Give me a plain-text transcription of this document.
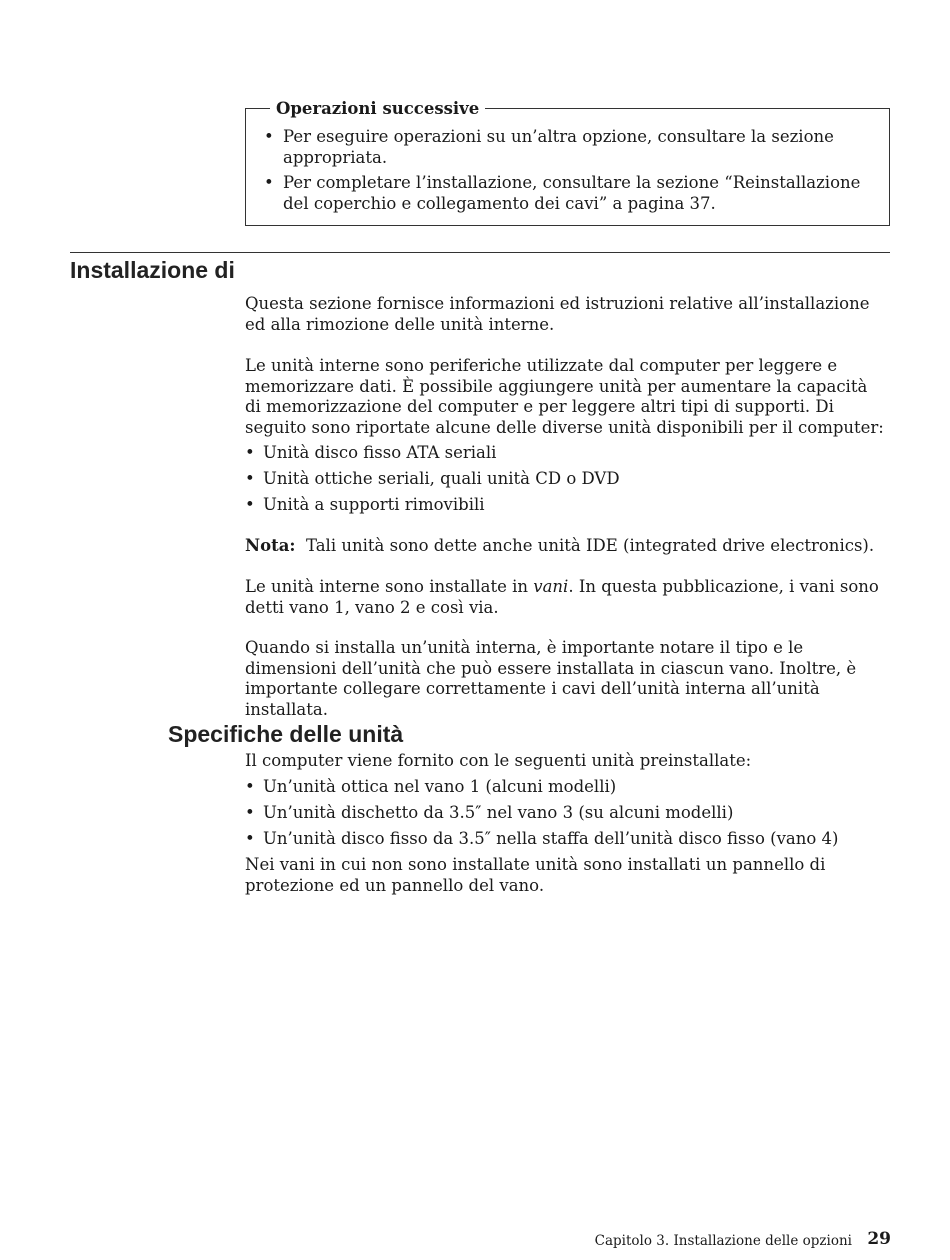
Operazioni successive
• Per eseguire operazioni su un’altra opzione, consultare la sezione appropriata.
• Per completare l’installazione, consultare la sezione “Reinstallazione del coperchio e collegamento dei cavi” a pagina 37.
Installazione di

Questa sezione fornisce informazioni ed istruzioni relative all’installazione ed alla rimozione delle unità interne.

Le unità interne sono periferiche utilizzate dal computer per leggere e memorizzare dati. È possibile aggiungere unità per aumentare la capacità di memorizzazione del computer e per leggere altri tipi di supporti. Di seguito sono riportate alcune delle diverse unità disponibili per il computer:

• Unità disco fisso ATA seriali
• Unità ottiche seriali, quali unità CD o DVD
• Unità a supporti rimovibili

Nota: Tali unità sono dette anche unità IDE (integrated drive electronics).

Le unità interne sono installate in vani. In questa pubblicazione, i vani sono detti vano 1, vano 2 e così via.

Quando si installa un’unità interna, è importante notare il tipo e le dimensioni dell’unità che può essere installata in ciascun vano. Inoltre, è importante collegare correttamente i cavi dell’unità interna all’unità installata.

Specifiche delle unità

Il computer viene fornito con le seguenti unità preinstallate:

• Un’unità ottica nel vano 1 (alcuni modelli)
• Un’unità dischetto da 3.5″ nel vano 3 (su alcuni modelli)
• Un’unità disco fisso da 3.5″ nella staffa dell’unità disco fisso (vano 4)

Nei vani in cui non sono installate unità sono installati un pannello di protezione ed un pannello del vano.

Capitolo 3. Installazione delle opzioni 29
